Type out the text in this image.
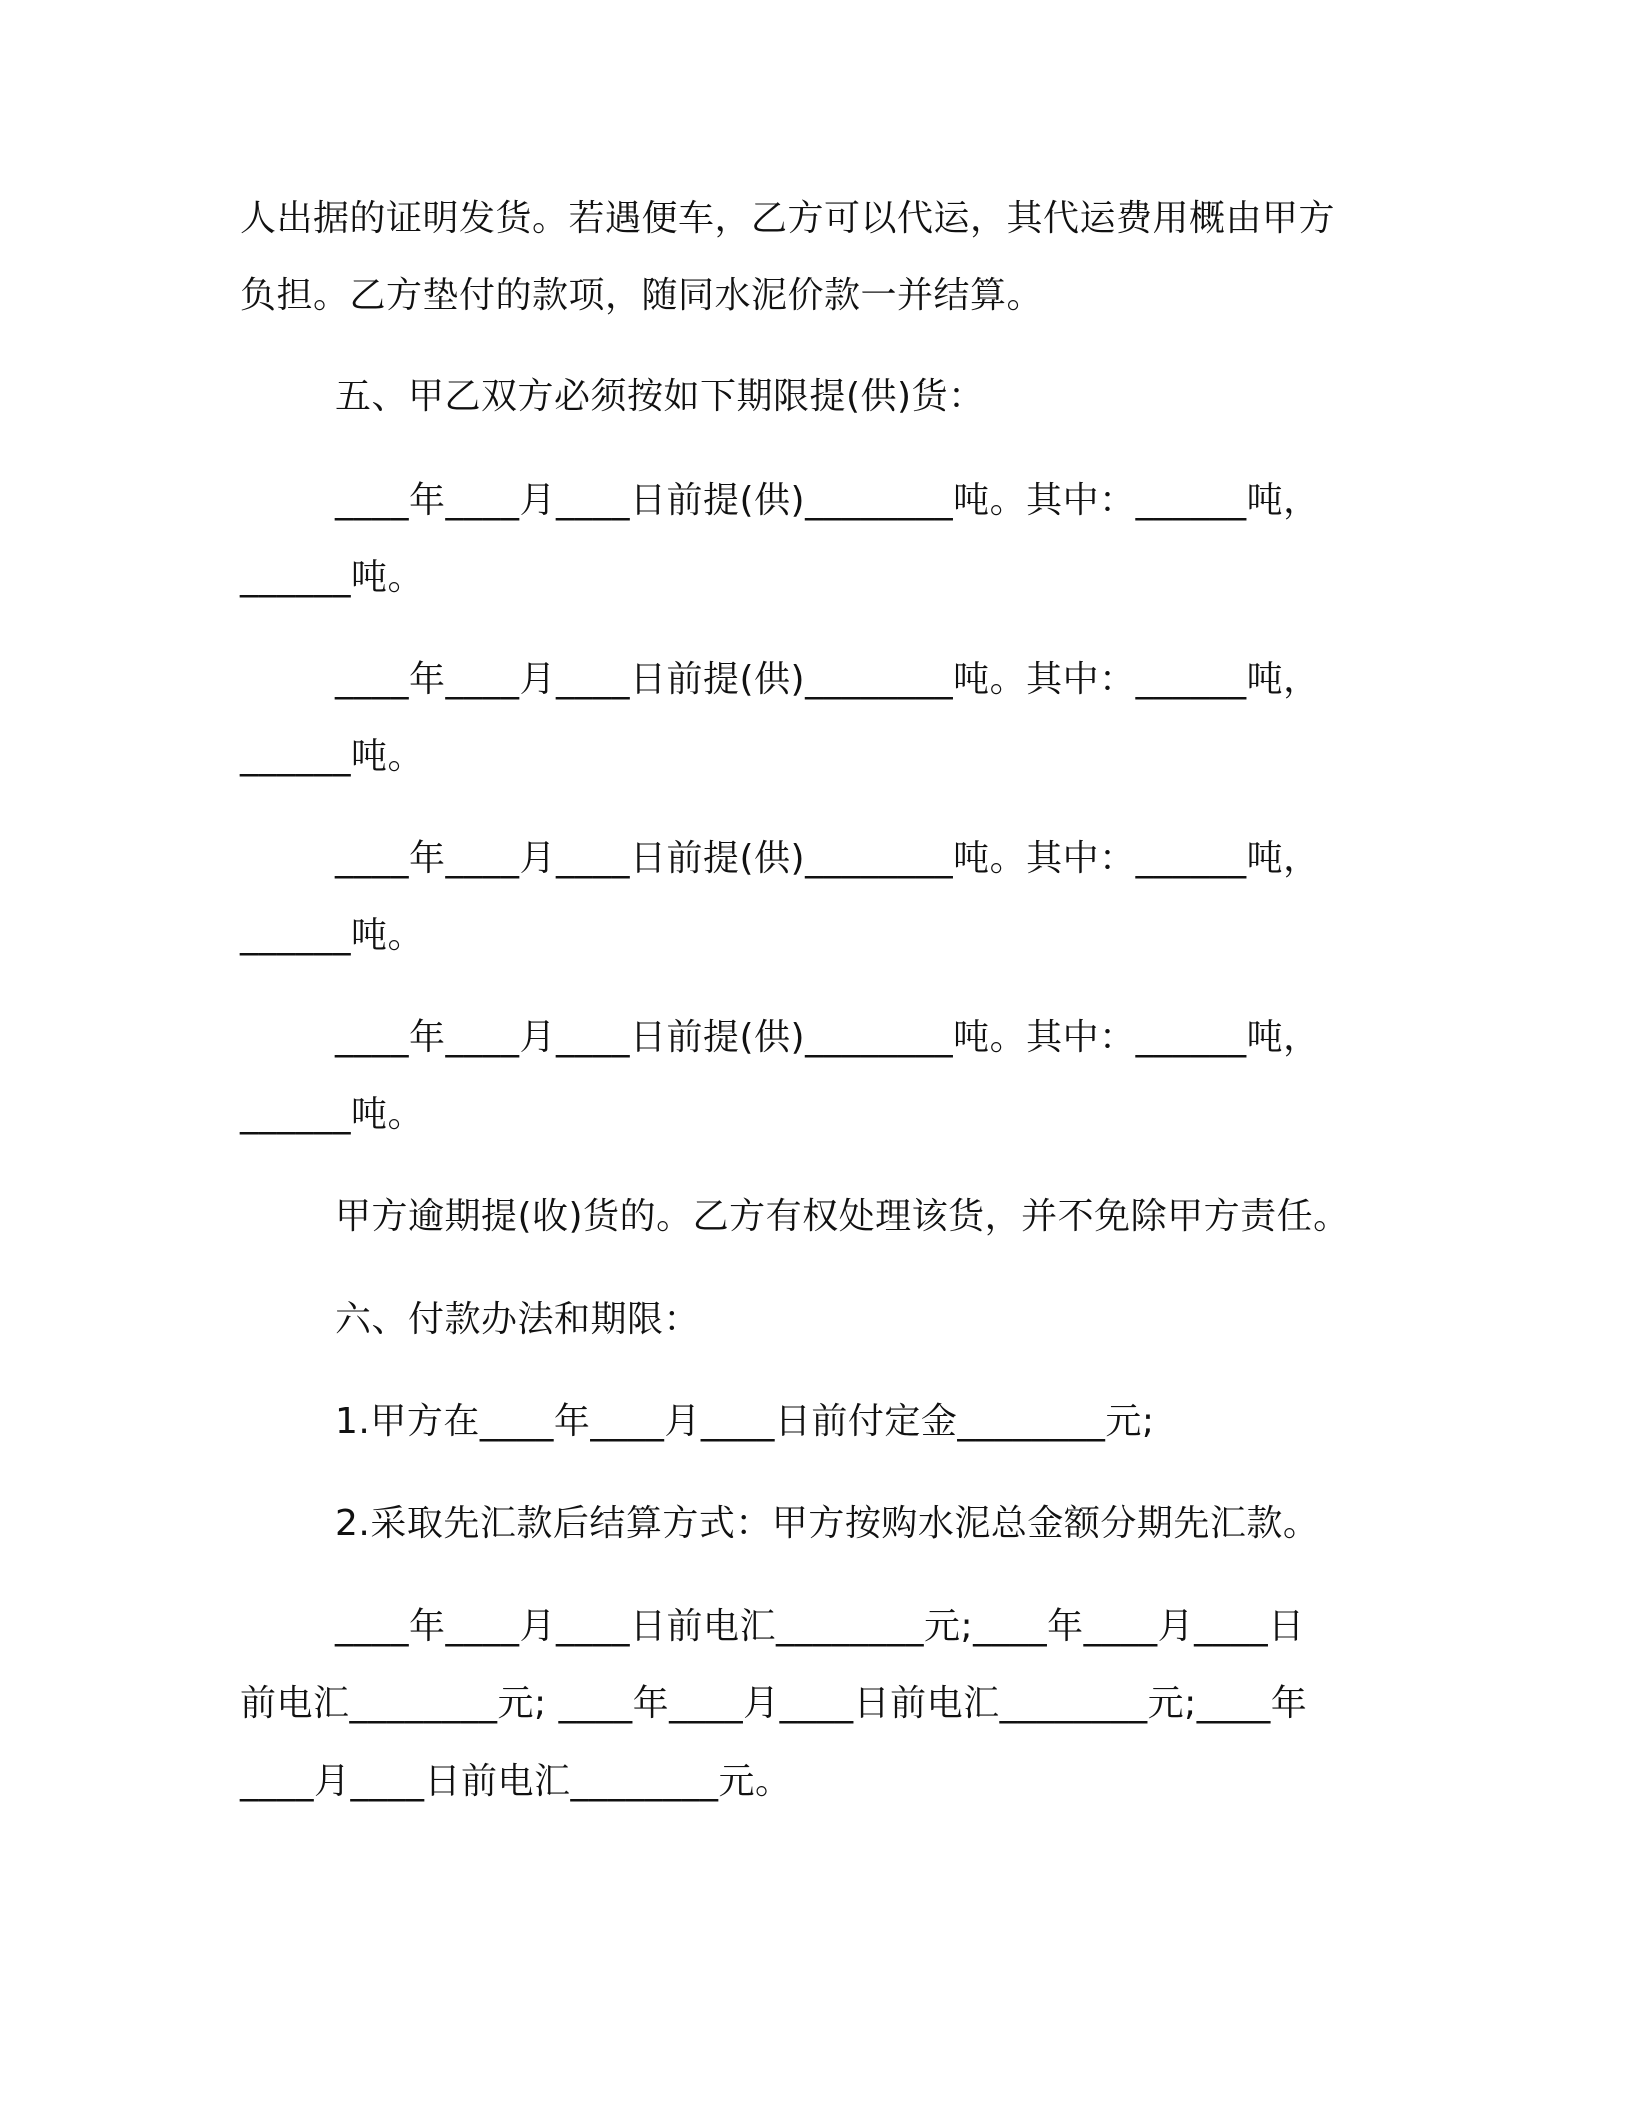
人出据的证明发货。若遇便车，乙方可以代运，其代运费用概由甲方
负担。乙方垫付的款项，随同水泥价款一并结算。
五、甲乙双方必须按如下期限提(供)货：
____年____月____日前提(供)________吨。其中：______吨，
______吨。
____年____月____日前提(供)________吨。其中：______吨，
______吨。
____年____月____日前提(供)________吨。其中：______吨，
______吨。
____年____月____日前提(供)________吨。其中：______吨，
______吨。
甲方逾期提(收)货的。乙方有权处理该货，并不免除甲方责任。
六、付款办法和期限：
1.甲方在____年____月____日前付定金________元;
2.采取先汇款后结算方式：甲方按购水泥总金额分期先汇款。
____年____月____日前电汇________元;____年____月____日
前电汇________元; ____年____月____日前电汇________元;____年
____月____日前电汇________元。
